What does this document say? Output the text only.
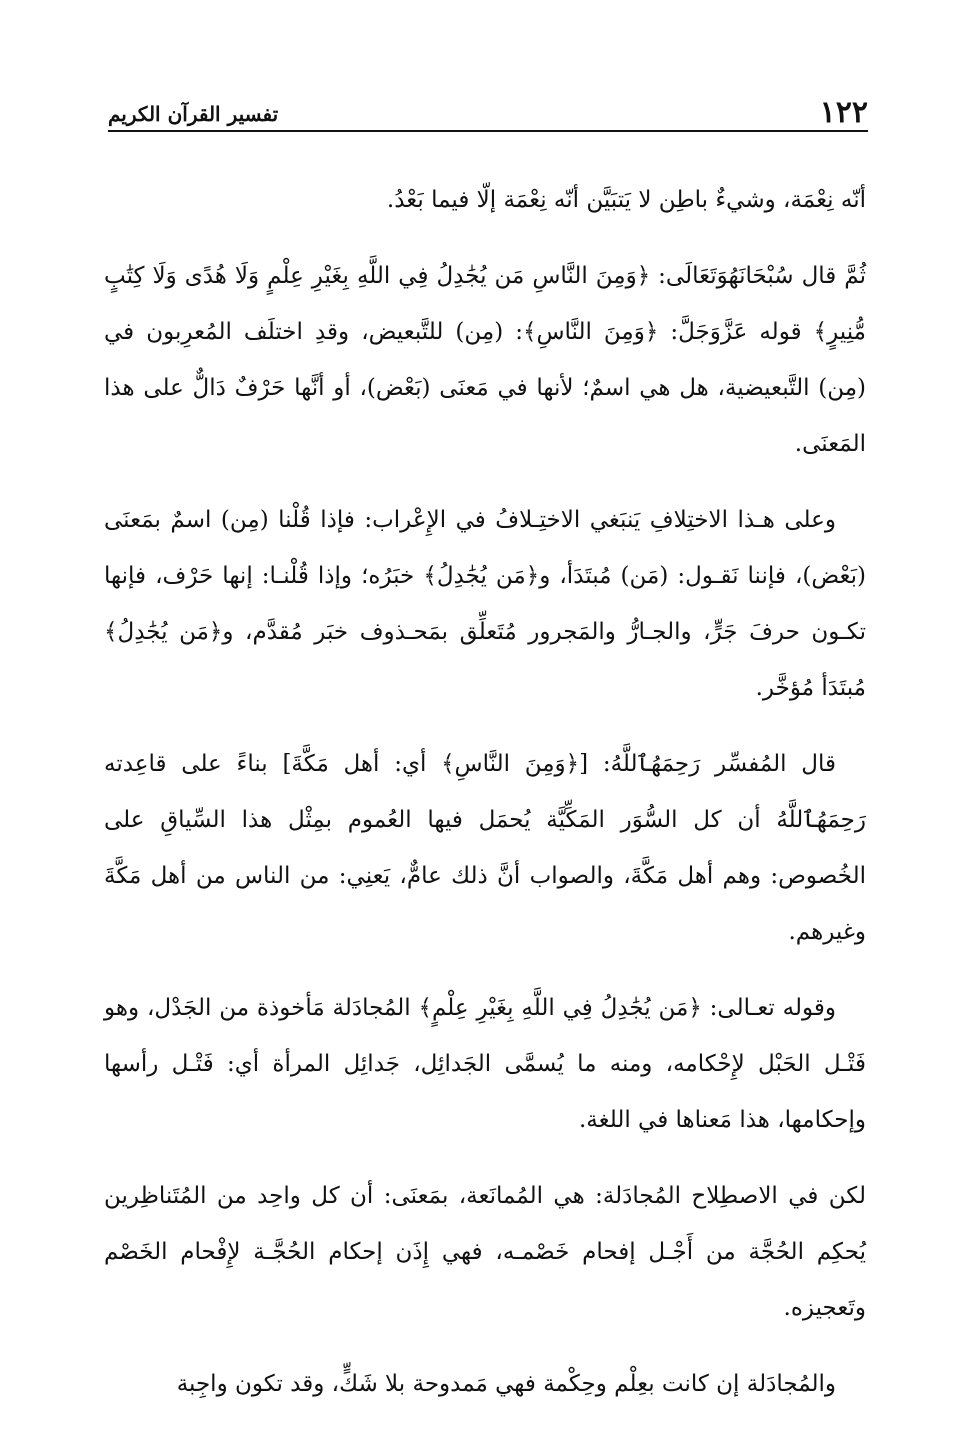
١٢٢
تفسير القرآن الكريم

أنّه نِعْمَة، وشيءٌ باطِن لا يَتبَيَّن أنّه نِعْمَة إلّا فيما بَعْدُ.

ثُمَّ قال سُبْحَانَهُوَتَعَالَى: ﴿وَمِنَ النَّاسِ مَن يُجَٰدِلُ فِي اللَّهِ بِغَيْرِ عِلْمٍ وَلَا هُدًى وَلَا كِتَٰبٍ مُّنِيرٍ﴾ قوله عَزَّوَجَلَّ: ﴿وَمِنَ النَّاسِ﴾: (مِن) للتَّبعيض، وقدِ اختلَف المُعرِبون في (مِن) التَّبعيضية، هل هي اسمٌ؛ لأنها في مَعنَى (بَعْض)، أو أنَّها حَرْفٌ دَالٌّ على هذا المَعنَى.

وعلى هـذا الاختِلافِ يَنبَغي الاختِـلافُ في الإِعْراب: فإذا قُلْنا (مِن) اسمٌ بمَعنَى (بَعْض)، فإننا نَقـول: (مَن) مُبتَدَأ، و﴿مَن يُجَٰدِلُ﴾ خبَرُه؛ وإذا قُلْنـا: إنها حَرْف، فإنها تكـون حرفَ جَرٍّ، والجـارُّ والمَجرور مُتَعلِّق بمَحـذوف خبَر مُقدَّم، و﴿مَن يُجَٰدِلُ﴾ مُبتَدَأ مُؤخَّر.

قال المُفسِّر رَحِمَهُٱللَّهُ: [﴿وَمِنَ النَّاسِ﴾ أي: أهل مَكَّةَ] بناءً على قاعِدته رَحِمَهُٱللَّهُ أن كل السُّوَر المَكِّيَّة يُحمَل فيها العُموم بمِثْل هذا السِّياقِ على الخُصوص: وهم أهل مَكَّةَ، والصواب أنَّ ذلك عامٌّ، يَعنِي: من الناس من أهل مَكَّةَ وغيرهم.

وقوله تعـالى: ﴿مَن يُجَٰدِلُ فِي اللَّهِ بِغَيْرِ عِلْمٍ﴾ المُجادَلة مَأخوذة من الجَدْل، وهو فَتْـل الحَبْل لإِحْكامه، ومنه ما يُسمَّى الجَدائِل، جَدائِل المرأة أي: فَتْـل رأسها وإحكامها، هذا مَعناها في اللغة.

لكن في الاصطِلاح المُجادَلة: هي المُمانَعة، بمَعنَى: أن كل واحِد من المُتَناظِرين يُحكِم الحُجَّة من أَجْـل إفحام خَصْمـه، فهي إِذَن إحكام الحُجَّـة لإِفْحام الخَصْم وتَعجيزه.

والمُجادَلة إن كانت بعِلْم وحِكْمة فهي مَمدوحة بلا شَكٍّ، وقد تكون واجِبة
